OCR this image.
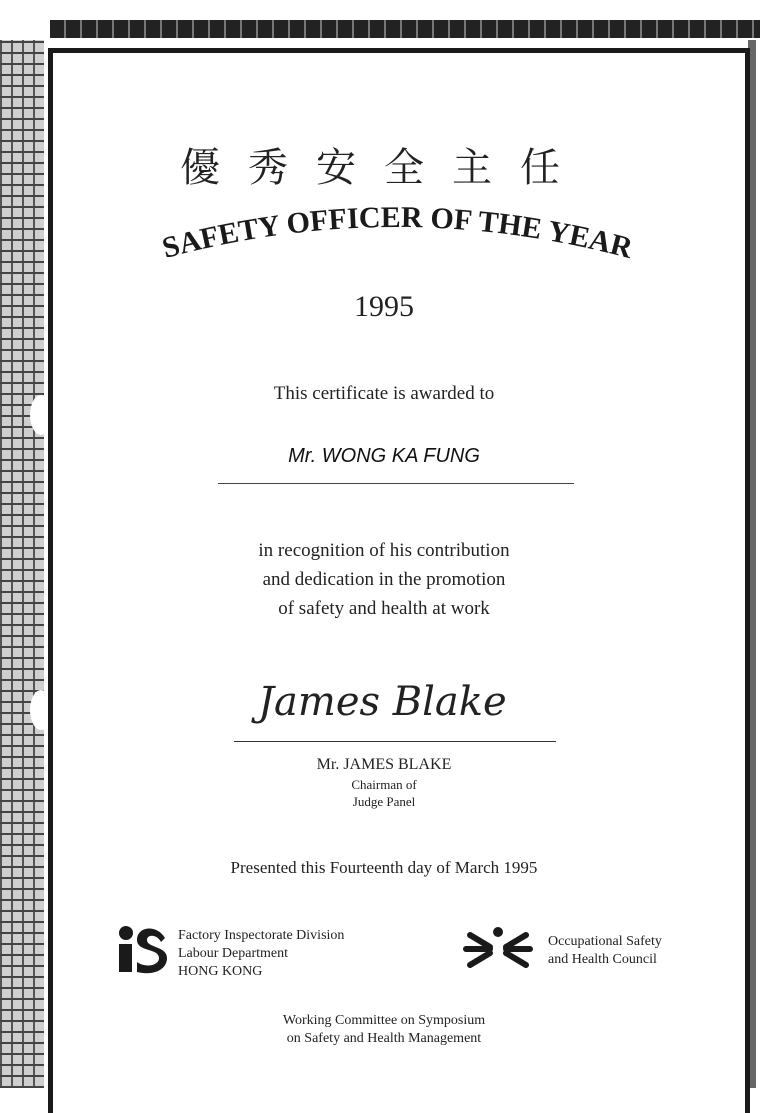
優秀安全主任
SAFETY OFFICER OF THE YEAR
1995
This certificate is awarded to
Mr. WONG KA FUNG
in recognition of his contribution
and dedication in the promotion
of safety and health at work
James Blake
Mr. JAMES BLAKE
Chairman of
Judge Panel
Presented this Fourteenth day of March 1995
Factory Inspectorate Division
Labour Department
HONG KONG
Occupational Safety
and Health Council
Working Committee on Symposium
on Safety and Health Management
